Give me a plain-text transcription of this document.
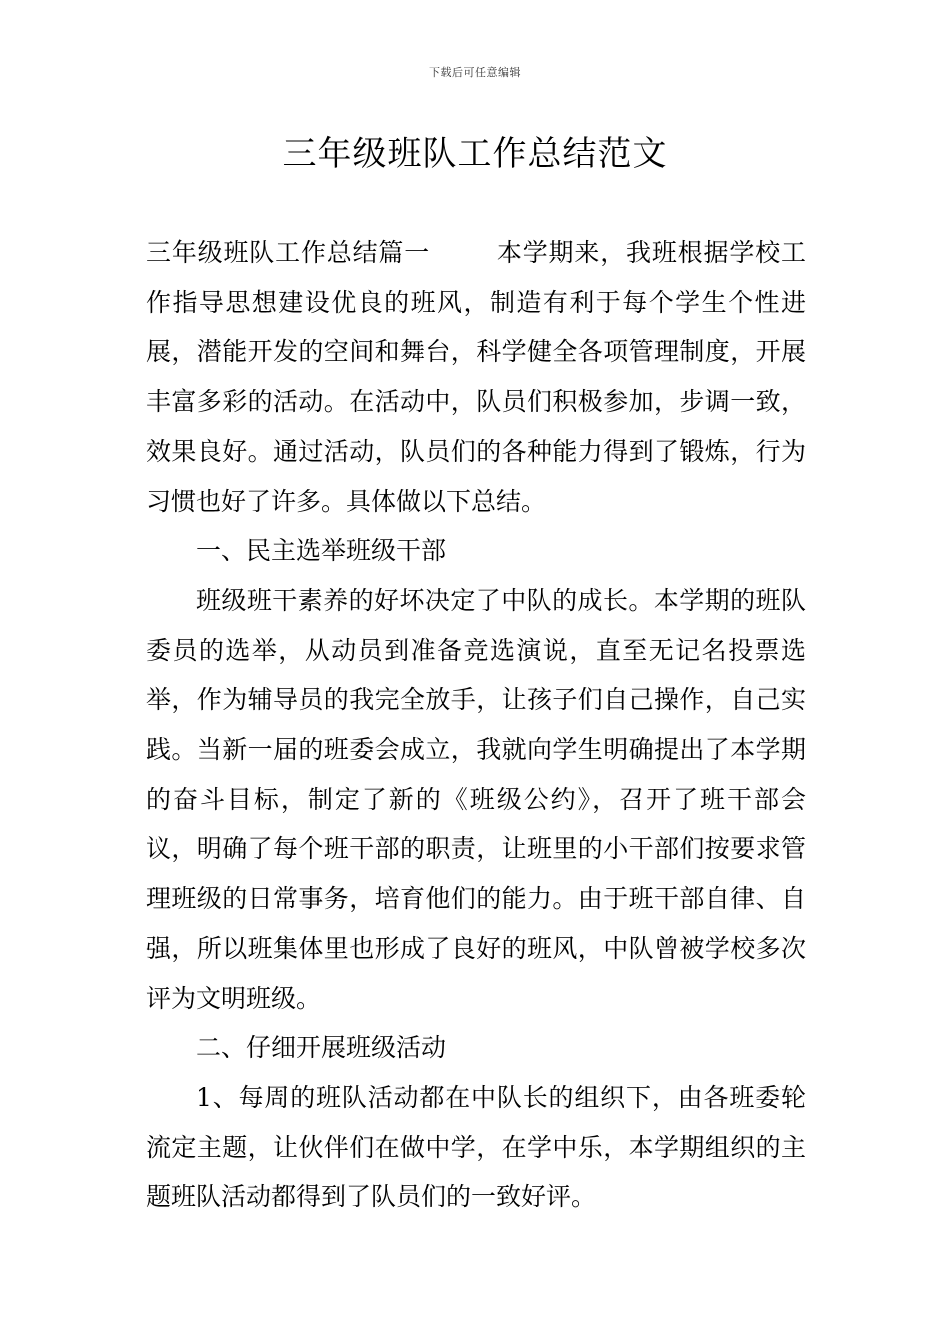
下载后可任意编辑
三年级班队工作总结范文

三年级班队工作总结篇一	本学期来，我班根据学校工作指导思想建设优良的班风，制造有利于每个学生个性进展，潜能开发的空间和舞台，科学健全各项管理制度，开展丰富多彩的活动。在活动中，队员们积极参加，步调一致，效果良好。通过活动，队员们的各种能力得到了锻炼，行为习惯也好了许多。具体做以下总结。

一、民主选举班级干部

班级班干素养的好坏决定了中队的成长。本学期的班队委员的选举，从动员到准备竞选演说，直至无记名投票选举，作为辅导员的我完全放手，让孩子们自己操作，自己实践。当新一届的班委会成立，我就向学生明确提出了本学期的奋斗目标，制定了新的《班级公约》，召开了班干部会议，明确了每个班干部的职责，让班里的小干部们按要求管理班级的日常事务，培育他们的能力。由于班干部自律、自强，所以班集体里也形成了良好的班风，中队曾被学校多次评为文明班级。

二、仔细开展班级活动

1、每周的班队活动都在中队长的组织下，由各班委轮流定主题，让伙伴们在做中学，在学中乐，本学期组织的主题班队活动都得到了队员们的一致好评。
